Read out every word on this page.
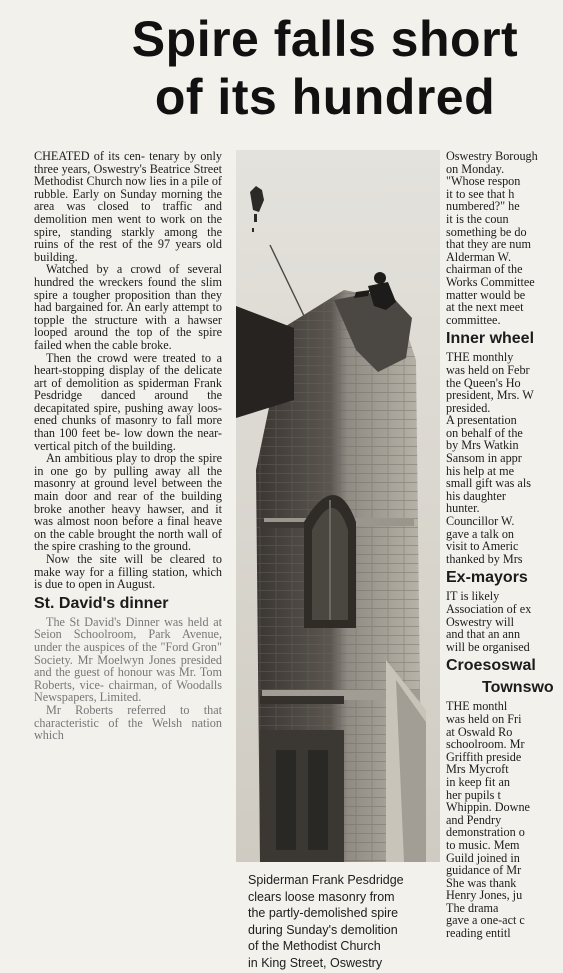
Spire falls short
of its hundred

CHEATED of its cen- tenary by only three years, Oswestry's Beatrice Street Methodist Church now lies in a pile of rubble. Early on Sunday morning the area was closed to traffic and demolition men went to work on the spire, standing starkly among the ruins of the rest of the 97 years old building.

Watched by a crowd of several hundred the wreckers found the slim spire a tougher proposition than they had bargained for. An early attempt to topple the structure with a hawser looped around the top of the spire failed when the cable broke.

Then the crowd were treated to a heart-stopping display of the delicate art of demolition as spiderman Frank Pesdridge danced around the decapitated spire, pushing away loos- ened chunks of masonry to fall more than 100 feet be- low down the near-vertical pitch of the building.

An ambitious play to drop the spire in one go by pulling away all the masonry at ground level between the main door and rear of the building broke another heavy hawser, and it was almost noon before a final heave on the cable brought the north wall of the spire crashing to the ground.

Now the site will be cleared to make way for a filling station, which is due to open in August.

St. David's dinner

The St David's Dinner was held at Seion Schoolroom, Park Avenue, under the auspices of the "Ford Gron" Society. Mr Moelwyn Jones presided and the guest of honour was Mr. Tom Roberts, vice- chairman, of Woodalls Newspapers, Limited.

Mr Roberts referred to that characteristic of the Welsh nation which

Spiderman Frank Pesdridge
clears loose masonry from
the partly-demolished spire
during Sunday's demolition
of the Methodist Church
in King Street, Oswestry
Oswestry Borough
on Monday.
"Whose respon
it to see that h
numbered?" he
it is the coun
something be do
that they are num
Alderman W.
chairman of the
Works Committee
matter would be
at the next meet
committee.
Inner wheel
THE monthly
was held on Febr
the Queen's Ho
president, Mrs. W
presided.
A presentation
on behalf of the
by Mrs Watkin
Sansom in appr
his help at me
small gift was als
his daughter
hunter.
Councillor W.
gave a talk on
visit to Americ
thanked by Mrs
Ex-mayors
IT is likely
Association of ex
Oswestry will
and that an ann
will be organised
Croesoswal
Townswo
THE monthl
was held on Fri
at Oswald Ro
schoolroom. Mr
Griffith preside
Mrs Mycroft
in keep fit an
her pupils t
Whippin. Downe
and Pendry
demonstration o
to music. Mem
Guild joined in
guidance of Mr
She was thank
Henry Jones, ju
The drama
gave a one-act c
reading entitl
